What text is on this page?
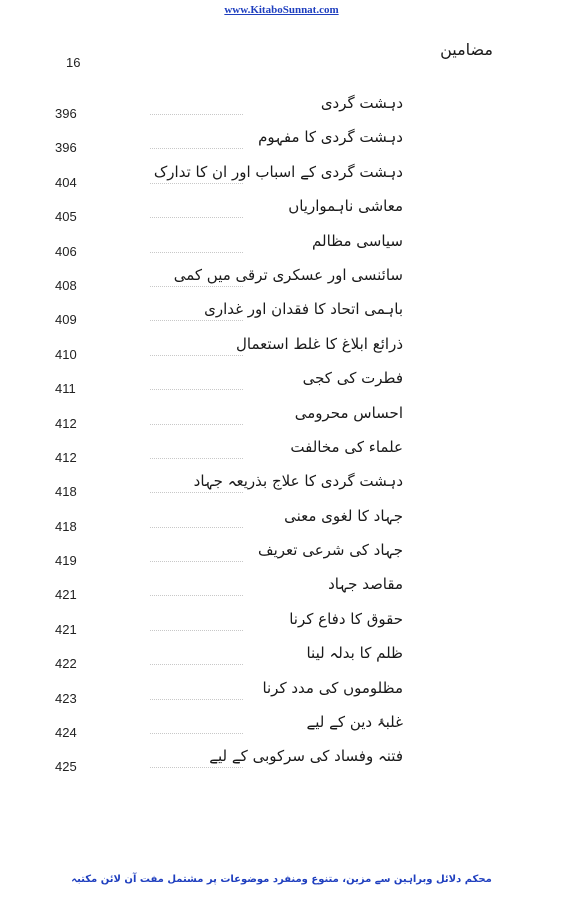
www.KitaboSunnat.com
16
مضامین
396
دہشت گردی
396
دہشت گردی کا مفہوم
404
دہشت گردی کے اسباب اور ان کا تدارک
405
معاشی ناہمواریاں
406
سیاسی مظالم
408
سائنسی اور عسکری ترقی میں کمی
409
باہمی اتحاد کا فقدان اور غداری
410
ذرائع ابلاغ کا غلط استعمال
411
فطرت کی کجی
412
احساس محرومی
412
علماء کی مخالفت
418
دہشت گردی کا علاج بذریعہ جہاد
418
جہاد کا لغوی معنی
419
جہاد کی شرعی تعریف
421
مقاصد جہاد
421
حقوق کا دفاع کرنا
422
ظلم کا بدلہ لینا
423
مظلوموں کی مدد کرنا
424
غلبۂ دین کے لیے
425
فتنہ وفساد کی سرکوبی کے لیے
محکم دلائل وبراہین سے مزین، متنوع ومنفرد موضوعات پر مشتمل مفت آن لائن مکتبہ
